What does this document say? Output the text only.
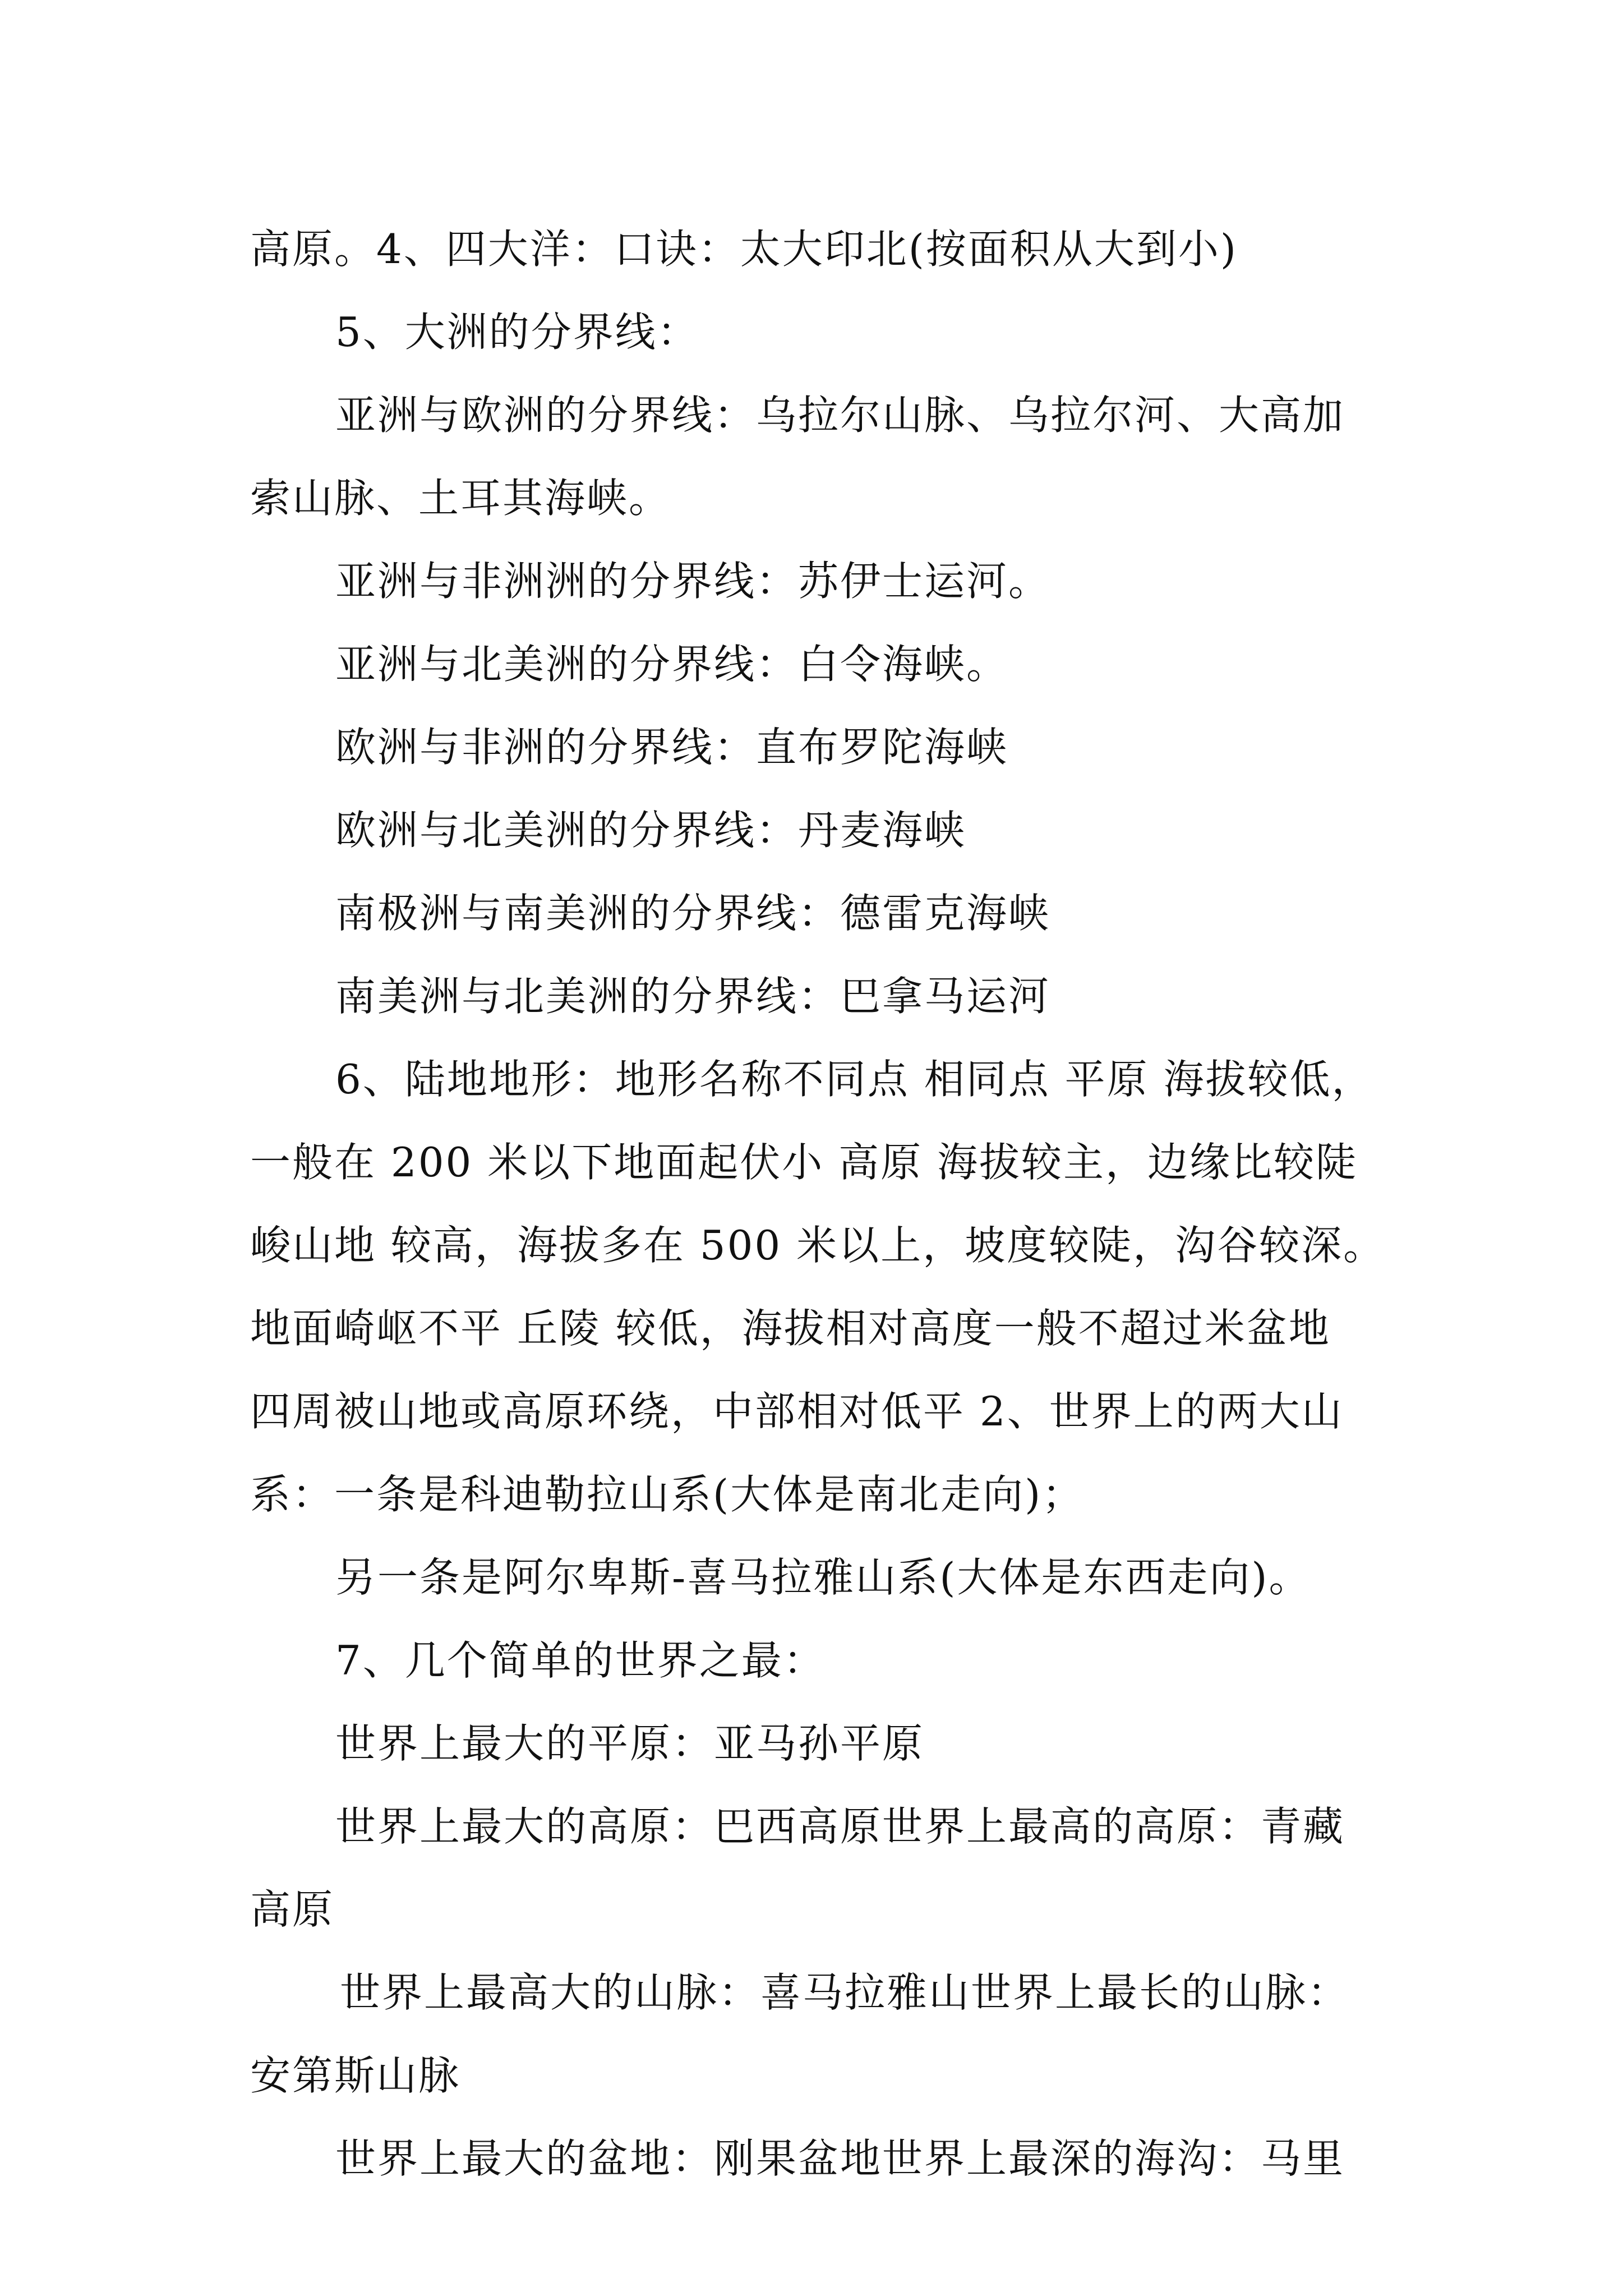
高原。4、四大洋：口诀：太大印北(按面积从大到小)
5、大洲的分界线：
亚洲与欧洲的分界线：乌拉尔山脉、乌拉尔河、大高加
索山脉、土耳其海峡。
亚洲与非洲洲的分界线：苏伊士运河。
亚洲与北美洲的分界线：白令海峡。
欧洲与非洲的分界线：直布罗陀海峡
欧洲与北美洲的分界线：丹麦海峡
南极洲与南美洲的分界线：德雷克海峡
南美洲与北美洲的分界线：巴拿马运河
6、陆地地形：地形名称不同点 相同点 平原 海拔较低，
一般在 200 米以下地面起伏小 高原 海拔较主，边缘比较陡
峻山地 较高，海拔多在 500 米以上，坡度较陡，沟谷较深。
地面崎岖不平 丘陵 较低，海拔相对高度一般不超过米盆地
四周被山地或高原环绕，中部相对低平 2、世界上的两大山
系：一条是科迪勒拉山系(大体是南北走向)；
另一条是阿尔卑斯-喜马拉雅山系(大体是东西走向)。
7、几个简单的世界之最：
世界上最大的平原：亚马孙平原
世界上最大的高原：巴西高原世界上最高的高原：青藏
高原
世界上最高大的山脉：喜马拉雅山世界上最长的山脉：
安第斯山脉
世界上最大的盆地：刚果盆地世界上最深的海沟：马里
